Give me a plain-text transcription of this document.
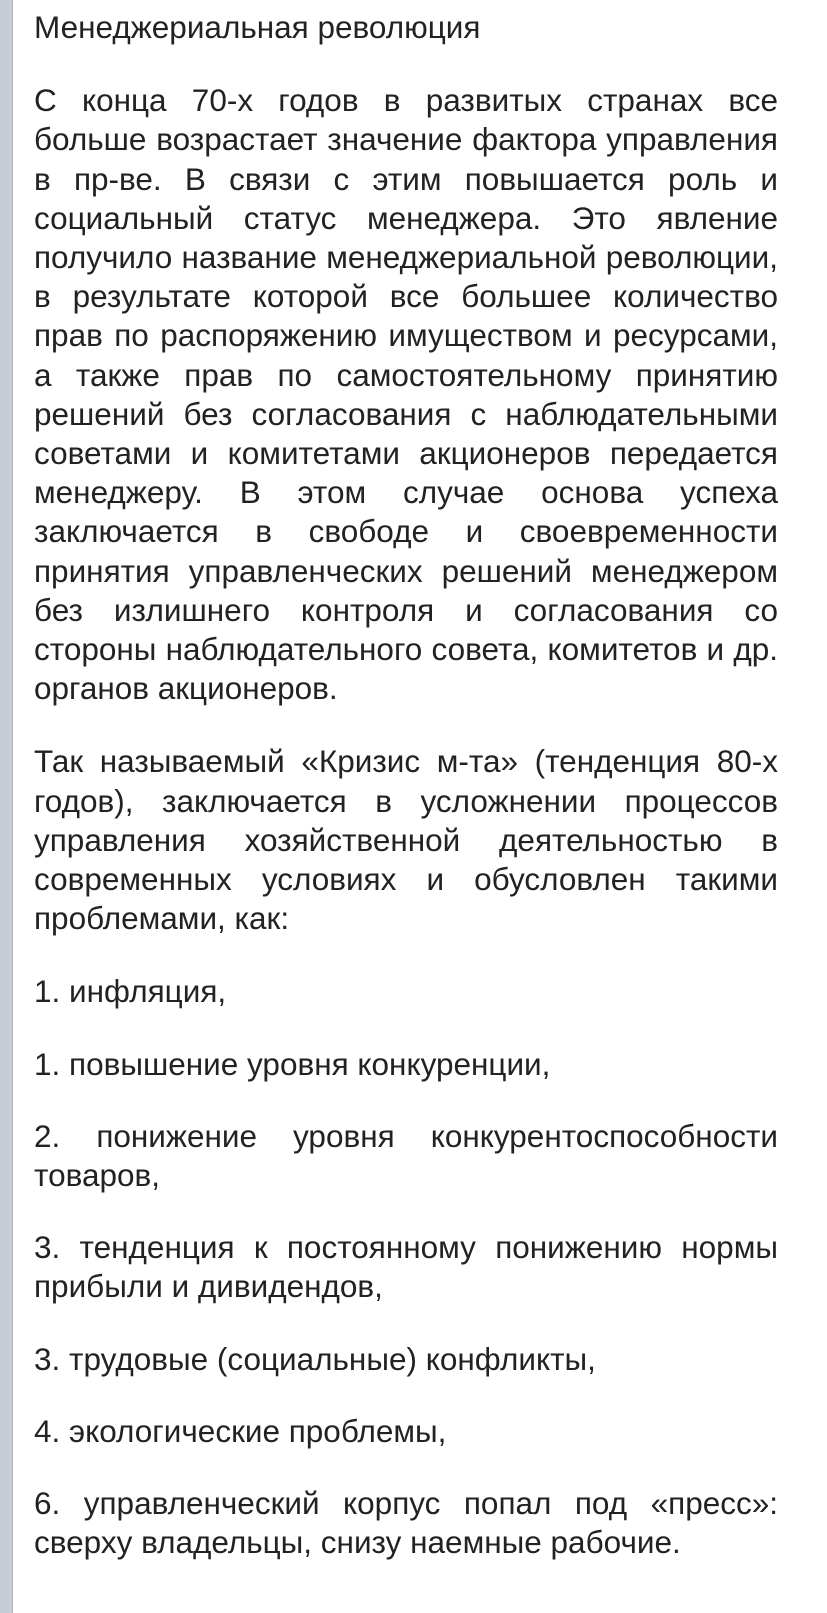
Менеджериальная революция

С конца 70-х годов в развитых странах все больше возрастает значение фактора управления в пр-ве. В связи с этим повышается роль и социальный статус менеджера. Это явление получило название менеджериальной революции, в результате которой все большее количество прав по распоряжению имуществом и ресурсами, а также прав по самостоятельному принятию решений без согласования с наблюдательными советами и комитетами акционеров передается менеджеру. В этом случае основа успеха заключается в свободе и своевременности принятия управленческих решений менеджером без излишнего контроля и согласования со стороны наблюдательного совета, комитетов и др. органов акционеров.

Так называемый «Кризис м-та» (тенденция 80-х годов), заключается в усложнении процессов управления хозяйственной деятельностью в современных условиях и обусловлен такими проблемами, как:

1. инфляция,

1. повышение уровня конкуренции,

2. понижение уровня конкурентоспособности товаров,

3. тенденция к постоянному понижению нормы прибыли и дивидендов,

3. трудовые (социальные) конфликты,

4. экологические проблемы,

6. управленческий корпус попал под «пресс»: сверху владельцы, снизу наемные рабочие.
